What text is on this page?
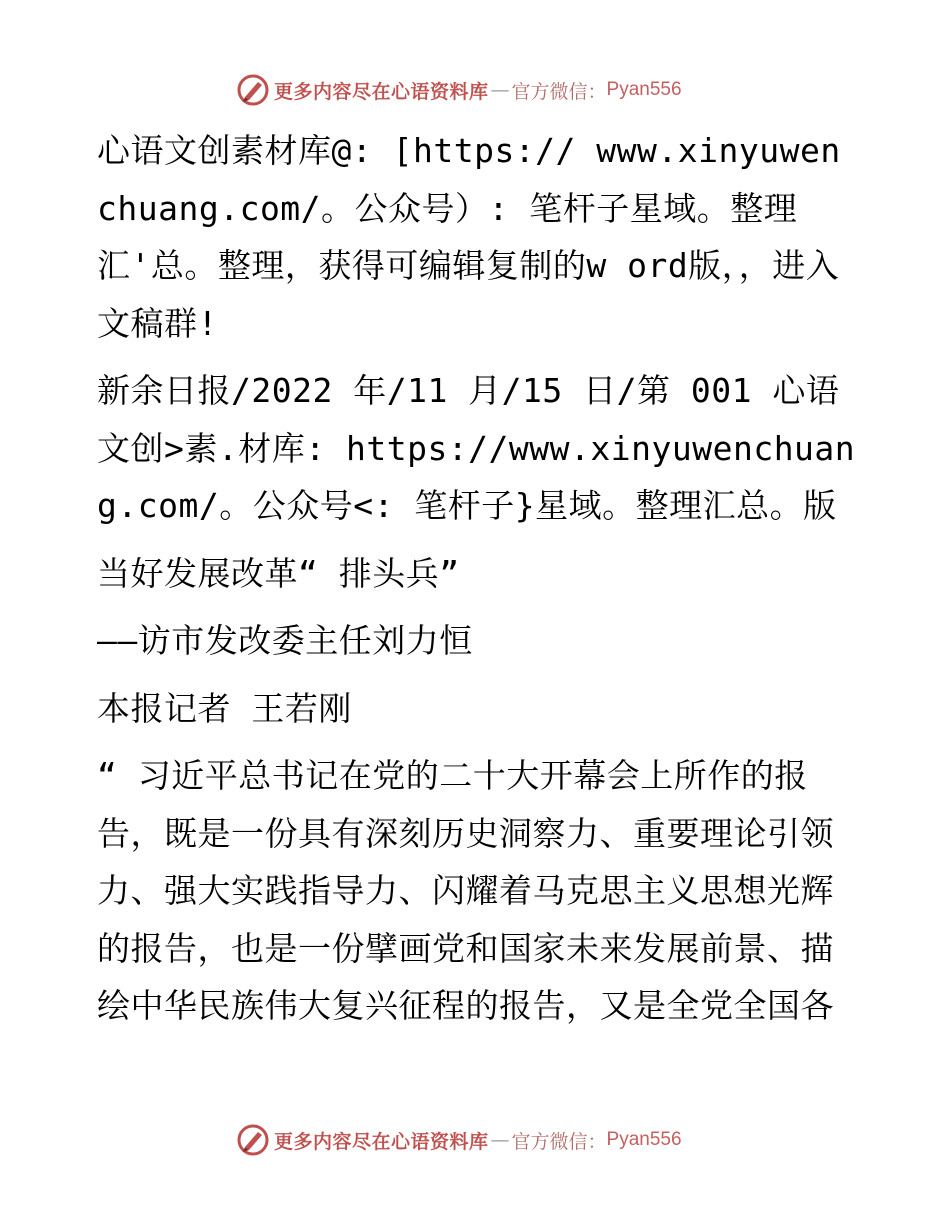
更多内容尽在心语资料库 — 官方微信： Pyan556

心语文创素材库@: [https:// www.xinyuwenchuang.com/。公众号）: 笔杆子星域。整理汇'总。整理，获得可编辑复制的w ord版，，进入文稿群!

新余日报/2022 年/11 月/15 日/第 001 心语文创>素.材库: https://www.xinyuwenchuang.com/。公众号<: 笔杆子}星域。整理汇总。版

当好发展改革“ 排头兵”

——访市发改委主任刘力恒

本报记者 王若刚

“ 习近平总书记在党的二十大开幕会上所作的报告，既是一份具有深刻历史洞察力、重要理论引领力、强大实践指导力、闪耀着马克思主义思想光辉的报告，也是一份擘画党和国家未来发展前景、描绘中华民族伟大复兴征程的报告，又是全党全国各

更多内容尽在心语资料库 — 官方微信： Pyan556
